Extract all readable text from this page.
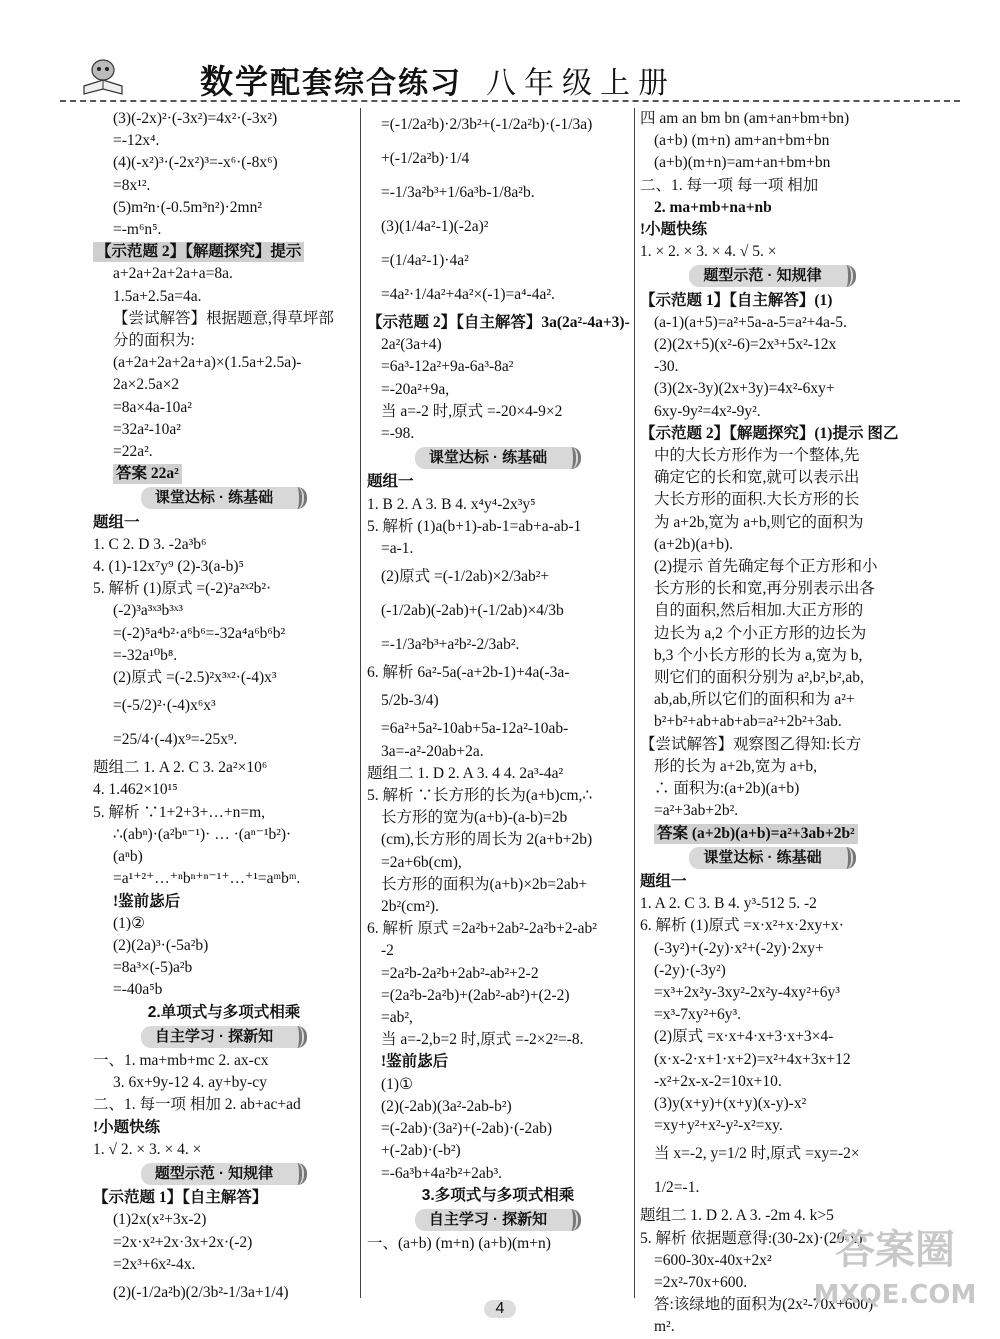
数学配套综合练习 八年级上册
(3)(-2x)²·(-3x²)=4x²·(-3x²)
=-12x⁴.
(4)(-x²)³·(-2x²)³=-x⁶·(-8x⁶)
=8x¹².
(5)m²n·(-0.5m³n²)·2mn²
=-m⁶n⁵.
【示范题 2】【解题探究】提示
a+2a+2a+2a+a=8a.
1.5a+2.5a=4a.
【尝试解答】根据题意,得草坪部
分的面积为:
(a+2a+2a+2a+a)×(1.5a+2.5a)-
2a×2.5a×2
=8a×4a-10a²
=32a²-10a²
=22a².
答案 22a²
课堂达标 · 练基础
题组一
1. C 2. D 3. -2a³b⁶
4. (1)-12x⁷y⁹ (2)-3(a-b)⁵
5. 解析 (1)原式 =(-2)²a²ˣ²b²·
(-2)³a³ˣ³b³ˣ³
=(-2)⁵a⁴b²·a⁶b⁶=-32a⁴a⁶b⁶b²
=-32a¹⁰b⁸.
(2)原式 =(-2.5)²x³ˣ²·(-4)x³
=(-5/2)²·(-4)x⁶x³
=25/4·(-4)x⁹=-25x⁹.
题组二 1. A 2. C 3. 2a²×10⁶
4. 1.462×10¹⁵
5. 解析 ∵1+2+3+…+n=m,
∴(abⁿ)·(a²bⁿ⁻¹)· … ·(aⁿ⁻¹b²)·
(aⁿb)
=a¹⁺²⁺…⁺ⁿbⁿ⁺ⁿ⁻¹⁺…⁺¹=aᵐbᵐ.
!鉴前毖后
(1)②
(2)(2a)³·(-5a²b)
=8a³×(-5)a²b
=-40a⁵b
2.单项式与多项式相乘
自主学习 · 探新知
一、1. ma+mb+mc 2. ax-cx
3. 6x+9y-12 4. ay+by-cy
二、1. 每一项 相加 2. ab+ac+ad
!小题快练
1. √ 2. × 3. × 4. ×
题型示范 · 知规律
【示范题 1】【自主解答】
(1)2x(x²+3x-2)
=2x·x²+2x·3x+2x·(-2)
=2x³+6x²-4x.
(2)(-1/2a²b)(2/3b²-1/3a+1/4)
=(-1/2a²b)·2/3b²+(-1/2a²b)·(-1/3a)
+(-1/2a²b)·1/4
=-1/3a²b³+1/6a³b-1/8a²b.
(3)(1/4a²-1)(-2a)²
=(1/4a²-1)·4a²
=4a²·1/4a²+4a²×(-1)=a⁴-4a².
【示范题 2】【自主解答】3a(2a²-4a+3)-
2a²(3a+4)
=6a³-12a²+9a-6a³-8a²
=-20a²+9a,
当 a=-2 时,原式 =-20×4-9×2
=-98.
课堂达标 · 练基础
题组一
1. B 2. A 3. B 4. x⁴y⁴-2x³y⁵
5. 解析 (1)a(b+1)-ab-1=ab+a-ab-1
=a-1.
(2)原式 =(-1/2ab)×2/3ab²+
(-1/2ab)(-2ab)+(-1/2ab)×4/3b
=-1/3a²b³+a²b²-2/3ab².
6. 解析 6a²-5a(-a+2b-1)+4a(-3a-
5/2b-3/4)
=6a²+5a²-10ab+5a-12a²-10ab-
3a=-a²-20ab+2a.
题组二 1. D 2. A 3. 4 4. 2a³-4a²
5. 解析 ∵长方形的长为(a+b)cm,∴
长方形的宽为(a+b)-(a-b)=2b
(cm),长方形的周长为 2(a+b+2b)
=2a+6b(cm),
长方形的面积为(a+b)×2b=2ab+
2b²(cm²).
6. 解析 原式 =2a²b+2ab²-2a²b+2-ab²
-2
=2a²b-2a²b+2ab²-ab²+2-2
=(2a²b-2a²b)+(2ab²-ab²)+(2-2)
=ab²,
当 a=-2,b=2 时,原式 =-2×2²=-8.
!鉴前毖后
(1)①
(2)(-2ab)(3a²-2ab-b²)
=(-2ab)·(3a²)+(-2ab)·(-2ab)
+(-2ab)·(-b²)
=-6a³b+4a²b²+2ab³.
3.多项式与多项式相乘
自主学习 · 探新知
一、(a+b) (m+n) (a+b)(m+n)
四 am an bm bn (am+an+bm+bn)
(a+b) (m+n) am+an+bm+bn
(a+b)(m+n)=am+an+bm+bn
二、1. 每一项 每一项 相加
2. ma+mb+na+nb
!小题快练
1. × 2. × 3. × 4. √ 5. ×
题型示范 · 知规律
【示范题 1】【自主解答】(1)
(a-1)(a+5)=a²+5a-a-5=a²+4a-5.
(2)(2x+5)(x²-6)=2x³+5x²-12x
-30.
(3)(2x-3y)(2x+3y)=4x²-6xy+
6xy-9y²=4x²-9y².
【示范题 2】【解题探究】(1)提示 图乙
中的大长方形作为一个整体,先
确定它的长和宽,就可以表示出
大长方形的面积.大长方形的长
为 a+2b,宽为 a+b,则它的面积为
(a+2b)(a+b).
(2)提示 首先确定每个正方形和小
长方形的长和宽,再分别表示出各
自的面积,然后相加.大正方形的
边长为 a,2 个小正方形的边长为
b,3 个小长方形的长为 a,宽为 b,
则它们的面积分别为 a²,b²,b²,ab,
ab,ab,所以它们的面积和为 a²+
b²+b²+ab+ab+ab=a²+2b²+3ab.
【尝试解答】观察图乙得知:长方
形的长为 a+2b,宽为 a+b,
∴ 面积为:(a+2b)(a+b)
=a²+3ab+2b².
答案 (a+2b)(a+b)=a²+3ab+2b²
课堂达标 · 练基础
题组一
1. A 2. C 3. B 4. y³-512 5. -2
6. 解析 (1)原式 =x·x²+x·2xy+x·
(-3y²)+(-2y)·x²+(-2y)·2xy+
(-2y)·(-3y²)
=x³+2x²y-3xy²-2x²y-4xy²+6y³
=x³-7xy²+6y³.
(2)原式 =x·x+4·x+3·x+3×4-
(x·x-2·x+1·x+2)=x²+4x+3x+12
-x²+2x-x-2=10x+10.
(3)y(x+y)+(x+y)(x-y)-x²
=xy+y²+x²-y²-x²=xy.
当 x=-2, y=1/2 时,原式 =xy=-2×
1/2=-1.
题组二 1. D 2. A 3. -2m 4. k>5
5. 解析 依据题意得:(30-2x)·(20-x)
=600-30x-40x+2x²
=2x²-70x+600.
答:该绿地的面积为(2x²-70x+600)
m².
4
答案圈
MXQE.COM
